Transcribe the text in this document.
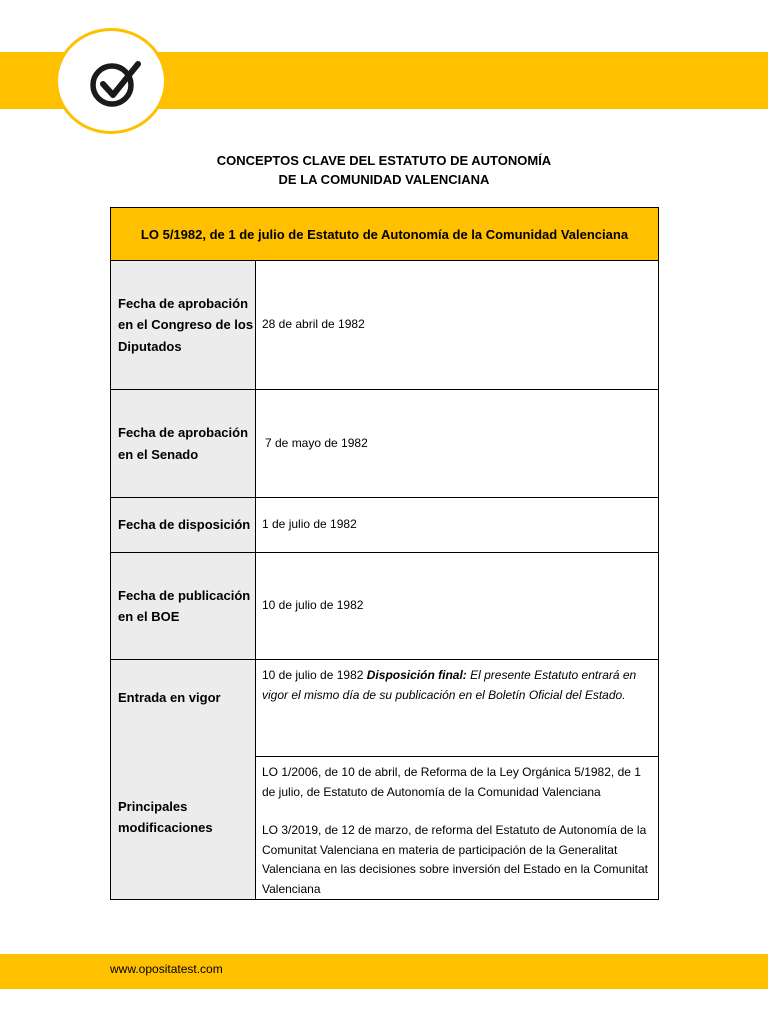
CONCEPTOS CLAVE DEL ESTATUTO DE AUTONOMÍA
DE LA COMUNIDAD VALENCIANA
LO 5/1982, de 1 de julio de Estatuto de Autonomía de la Comunidad Valenciana
Fecha de aprobación en el Congreso de los Diputados
28 de abril de 1982
Fecha de aprobación en el Senado
7 de mayo de 1982
Fecha de disposición 1 de julio de 1982
Fecha de publicación en el BOE
10 de julio de 1982
Entrada en vigor
Principales modificaciones
10 de julio de 1982 Disposición final: El presente Estatuto entrará en vigor el mismo día de su publicación en el Boletín Oficial del Estado.
LO 1/2006, de 10 de abril, de Reforma de la Ley Orgánica 5/1982, de 1 de julio, de Estatuto de Autonomía de la Comunidad Valenciana
LO 3/2019, de 12 de marzo, de reforma del Estatuto de Autonomía de la Comunitat Valenciana en materia de participación de la Generalitat Valenciana en las decisiones sobre inversión del Estado en la Comunitat Valenciana
www.opositatest.com
